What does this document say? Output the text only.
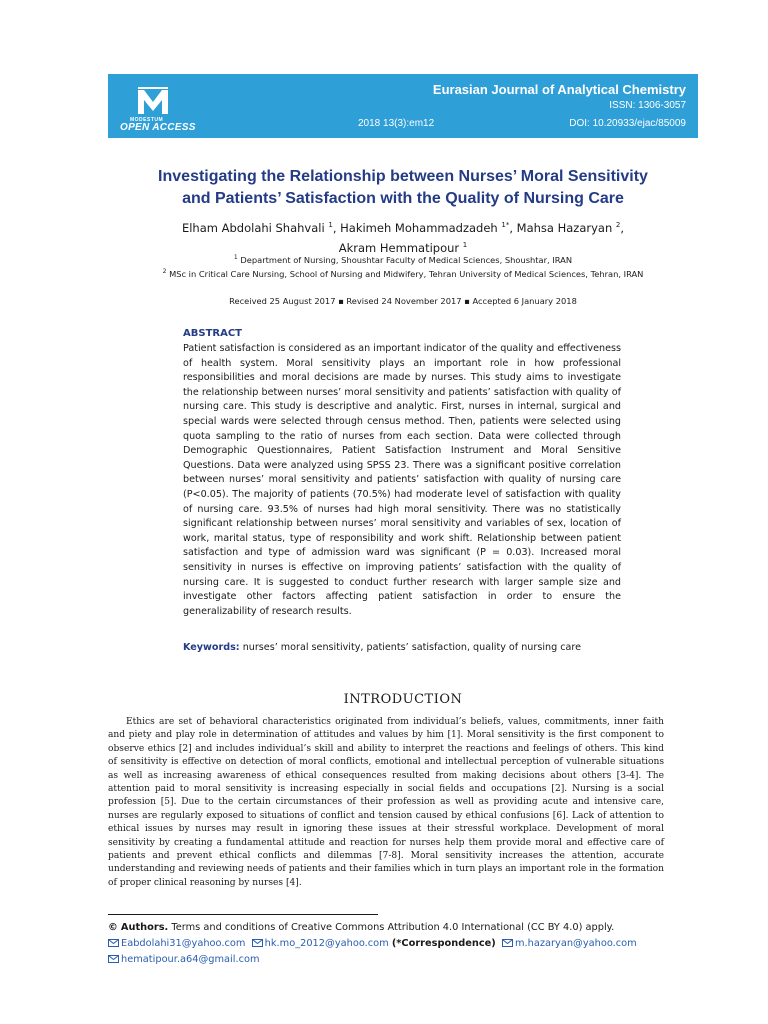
MODESTUM
OPEN ACCESS
Eurasian Journal of Analytical Chemistry
ISSN: 1306-3057
2018 13(3):em12	DOI: 10.20933/ejac/85009
Investigating the Relationship between Nurses’ Moral Sensitivity
and Patients’ Satisfaction with the Quality of Nursing Care
Elham Abdolahi Shahvali $^1$, Hakimeh Mohammadzadeh $^{1*}$, Mahsa Hazaryan $^2$,
Akram Hemmatipour $^1$
$^1$ Department of Nursing, Shoushtar Faculty of Medical Sciences, Shoushtar, IRAN
$^2$ MSc in Critical Care Nursing, School of Nursing and Midwifery, Tehran University of Medical Sciences, Tehran, IRAN
Received 25 August 2017 ▪ Revised 24 November 2017 ▪ Accepted 6 January 2018
ABSTRACT
Patient satisfaction is considered as an important indicator of the quality and effectiveness of health system. Moral sensitivity plays an important role in how professional responsibilities and moral decisions are made by nurses. This study aims to investigate the relationship between nurses’ moral sensitivity and patients’ satisfaction with quality of nursing care. This study is descriptive and analytic. First, nurses in internal, surgical and special wards were selected through census method. Then, patients were selected using quota sampling to the ratio of nurses from each section. Data were collected through Demographic Questionnaires, Patient Satisfaction Instrument and Moral Sensitive Questions. Data were analyzed using SPSS 23. There was a significant positive correlation between nurses’ moral sensitivity and patients’ satisfaction with quality of nursing care (P<0.05). The majority of patients (70.5%) had moderate level of satisfaction with quality of nursing care. 93.5% of nurses had high moral sensitivity. There was no statistically significant relationship between nurses’ moral sensitivity and variables of sex, location of work, marital status, type of responsibility and work shift. Relationship between patient satisfaction and type of admission ward was significant (P = 0.03). Increased moral sensitivity in nurses is effective on improving patients’ satisfaction with the quality of nursing care. It is suggested to conduct further research with larger sample size and investigate other factors affecting patient satisfaction in order to ensure the generalizability of research results.
Keywords: nurses’ moral sensitivity, patients’ satisfaction, quality of nursing care
INTRODUCTION
Ethics are set of behavioral characteristics originated from individual’s beliefs, values, commitments, inner faith and piety and play role in determination of attitudes and values by him [1]. Moral sensitivity is the first component to observe ethics [2] and includes individual’s skill and ability to interpret the reactions and feelings of others. This kind of sensitivity is effective on detection of moral conflicts, emotional and intellectual perception of vulnerable situations as well as increasing awareness of ethical consequences resulted from making decisions about others [3-4]. The attention paid to moral sensitivity is increasing especially in social fields and occupations [2]. Nursing is a social profession [5]. Due to the certain circumstances of their profession as well as providing acute and intensive care, nurses are regularly exposed to situations of conflict and tension caused by ethical confusions [6]. Lack of attention to ethical issues by nurses may result in ignoring these issues at their stressful workplace. Development of moral sensitivity by creating a fundamental attitude and reaction for nurses help them provide moral and effective care of patients and prevent ethical conflicts and dilemmas [7-8]. Moral sensitivity increases the attention, accurate understanding and reviewing needs of patients and their families which in turn plays an important role in the formation of proper clinical reasoning by nurses [4].
© Authors. Terms and conditions of Creative Commons Attribution 4.0 International (CC BY 4.0) apply.
Eabdolahi31@yahoo.com hk.mo_2012@yahoo.com (*Correspondence) m.hazaryan@yahoo.com
hematipour.a64@gmail.com
